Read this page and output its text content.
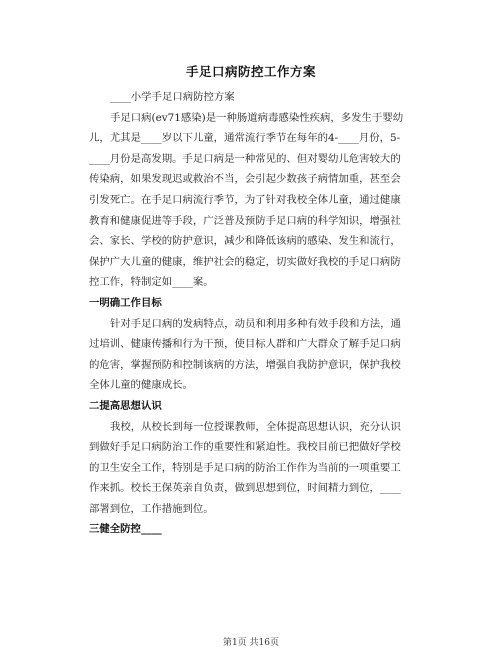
手足口病防控工作方案
____小学手足口病防控方案
手足口病(ev71感染)是一种肠道病毒感染性疾病，多发生于婴幼
儿，尤其是____岁以下儿童，通常流行季节在每年的4-____月份，5-
____月份是高发期。手足口病是一种常见的、但对婴幼儿危害较大的
传染病，如果发现迟或救治不当，会引起少数孩子病情加重，甚至会
引发死亡。在手足口病流行季节，为了针对我校全体儿童，通过健康
教育和健康促进等手段，广泛普及预防手足口病的科学知识，增强社
会、家长、学校的防护意识，减少和降低该病的感染、发生和流行，
保护广大儿童的健康，维护社会的稳定，切实做好我校的手足口病防
控工作，特制定如____案。
一明确工作目标
针对手足口病的发病特点，动员和利用多种有效手段和方法，通
过培训、健康传播和行为干预，使目标人群和广大群众了解手足口病
的危害，掌握预防和控制该病的方法，增强自我防护意识，保护我校
全体儿童的健康成长。
二提高思想认识
我校，从校长到每一位授课教师，全体提高思想认识，充分认识
到做好手足口病防治工作的重要性和紧迫性。我校目前已把做好学校
的卫生安全工作，特别是手足口病的防治工作作为当前的一项重要工
作来抓。校长王保英亲自负责，做到思想到位，时间精力到位，____
部署到位，工作措施到位。
三健全防控____
第1页 共16页
